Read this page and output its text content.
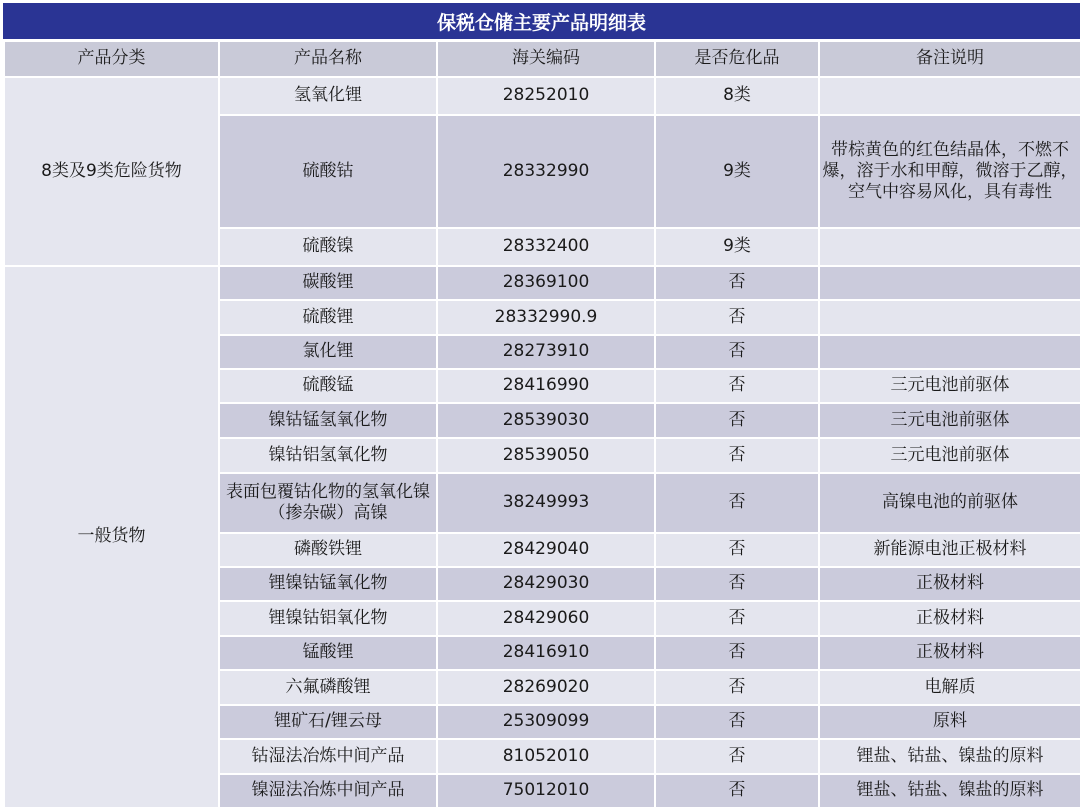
保税仓储主要产品明细表
产品分类	产品名称	海关编码	是否危化品	备注说明
8类及9类危险货物	氢氧化锂	28252010	8类	
	硫酸钴	28332990	9类	带棕黄色的红色结晶体，不燃不爆，溶于水和甲醇，微溶于乙醇，空气中容易风化，具有毒性
	硫酸镍	28332400	9类	
一般货物	碳酸锂	28369100	否	
	硫酸锂	28332990.9	否	
	氯化锂	28273910	否	
	硫酸锰	28416990	否	三元电池前驱体
	镍钴锰氢氧化物	28539030	否	三元电池前驱体
	镍钴铝氢氧化物	28539050	否	三元电池前驱体
	表面包覆钴化物的氢氧化镍（掺杂碳）高镍	38249993	否	高镍电池的前驱体
	磷酸铁锂	28429040	否	新能源电池正极材料
	锂镍钴锰氧化物	28429030	否	正极材料
	锂镍钴铝氧化物	28429060	否	正极材料
	锰酸锂	28416910	否	正极材料
	六氟磷酸锂	28269020	否	电解质
	锂矿石/锂云母	25309099	否	原料
	钴湿法冶炼中间产品	81052010	否	锂盐、钴盐、镍盐的原料
	镍湿法冶炼中间产品	75012010	否	锂盐、钴盐、镍盐的原料
